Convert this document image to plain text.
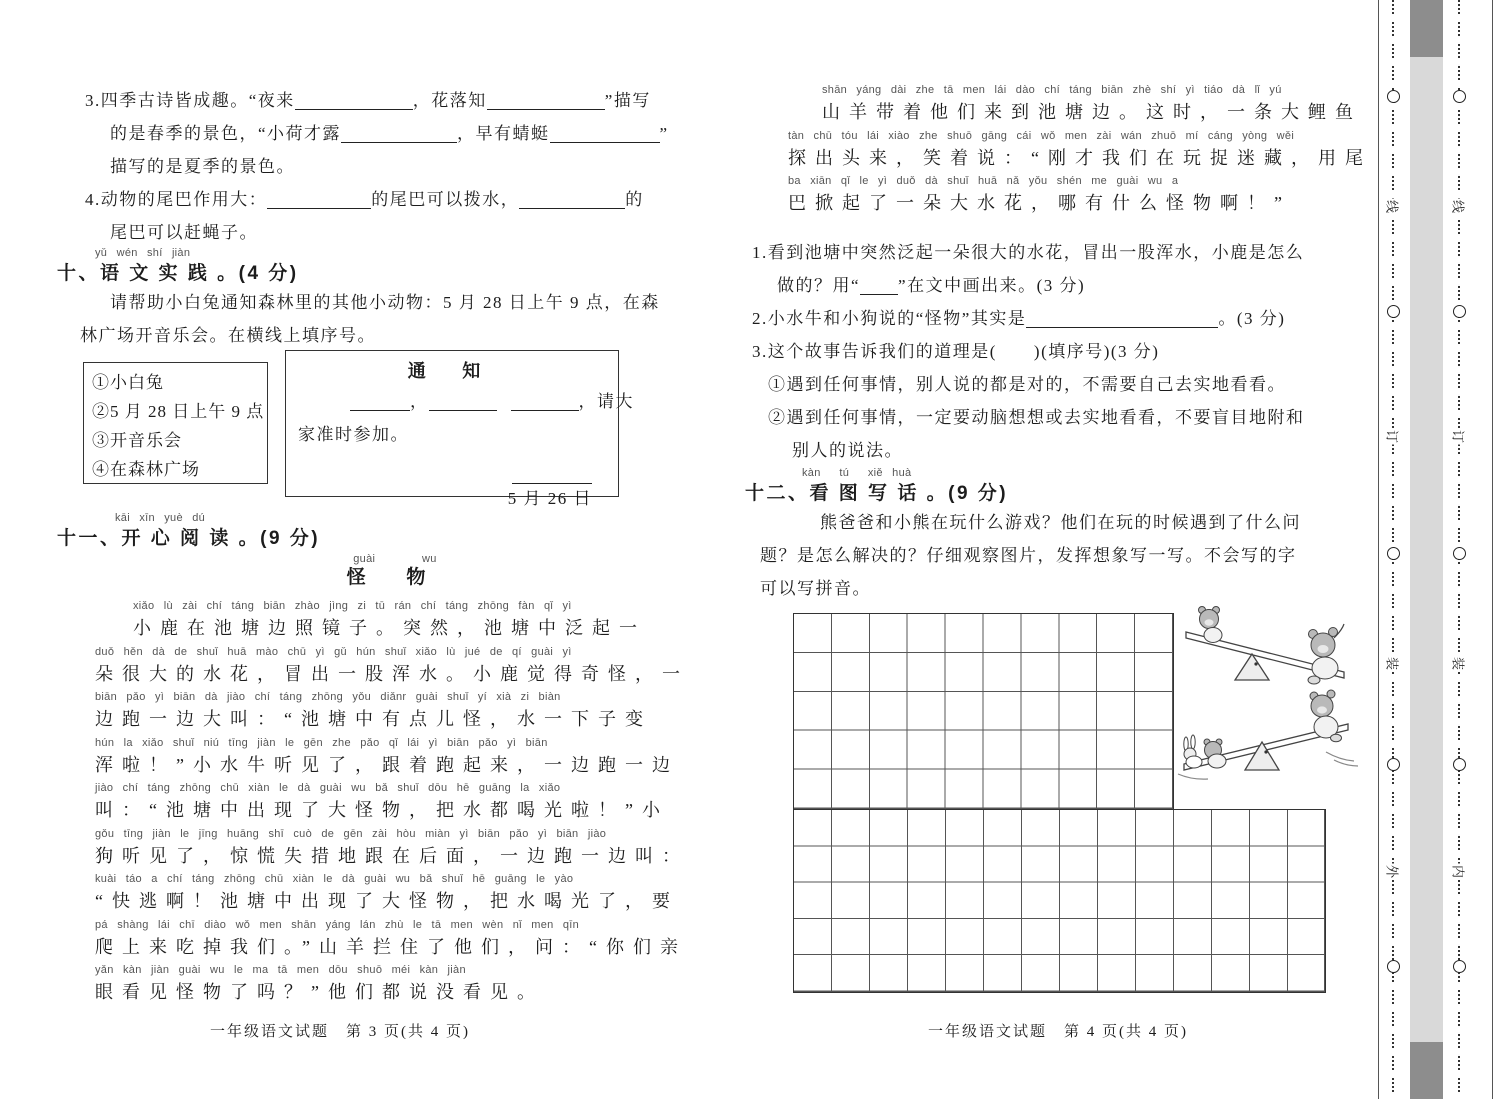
3.四季古诗皆成趣。“夜来	，花落知	”描写
的是春季的景色，“小荷才露	，早有蜻蜓	”
描写的是夏季的景色。
4.动物的尾巴作用大：	的尾巴可以拨水，	的
尾巴可以赶蝇子。
yǔ wén shí jiàn
十、语 文 实 践 。(4 分)
请帮助小白兔通知森林里的其他小动物：5 月 28 日上午 9 点，在森
林广场开音乐会。在横线上填序号。
①小白兔
②5 月 28 日上午 9 点
③开音乐会
④在森林广场
通 知
，	，请大
家准时参加。
5 月 26 日
kāi xīn yuè dú
十一、开 心 阅 读 。(9 分)
guài     wu
怪 物
xiǎo lù zài chí táng biān zhào jìng zi tū rán chí táng zhōng fàn qǐ yì
小鹿在池塘边照镜子。突然，池塘中泛起一
duǒ hěn dà de shuǐ huā mào chū yì gǔ hún shuǐ xiǎo lù jué de qí guài yì
朵很大的水花，冒出一股浑水。小鹿觉得奇怪，一
biān pǎo yì biān dà jiào chí táng zhōng yǒu diǎnr guài shuǐ yí xià zi biàn
边跑一边大叫：“池塘中有点儿怪，水一下子变
hún la xiǎo shuǐ niú tīng jiàn le gēn zhe pǎo qǐ lái yì biān pǎo yì biān
浑啦！”小水牛听见了，跟着跑起来，一边跑一边
jiào chí táng zhōng chū xiàn le dà guài wu bǎ shuǐ dōu hē guāng la xiǎo
叫：“池塘中出现了大怪物，把水都喝光啦！”小
gǒu tīng jiàn le jīng huāng shī cuò de gēn zài hòu miàn yì biān pǎo yì biān jiào
狗听见了，惊慌失措地跟在后面，一边跑一边叫：
kuài táo a chí táng zhōng chū xiàn le dà guài wu bǎ shuǐ hē guāng le yào
“快逃啊！池塘中出现了大怪物，把水喝光了，要
pá shàng lái chī diào wǒ men shān yáng lán zhù le tā men wèn nǐ men qīn
爬上来吃掉我们。”山羊拦住了他们，问：“你们亲
yǎn kàn jiàn guài wu le ma tā men dōu shuō méi kàn jiàn
眼看见怪物了吗？”他们都说没看见。
一年级语文试题　第 3 页(共 4 页)
shān yáng dài zhe tā men lái dào chí táng biān zhè shí yì tiáo dà lǐ yú
山羊带着他们来到池塘边。这时，一条大鲤鱼
tàn chū tóu lái xiào zhe shuō gāng cái wǒ men zài wán zhuō mí cáng yòng wěi
探出头来，笑着说：“刚才我们在玩捉迷藏，用尾
ba xiān qǐ le yì duǒ dà shuǐ huā nǎ yǒu shén me guài wu a
巴掀起了一朵大水花，哪有什么怪物啊！”
1.看到池塘中突然泛起一朵很大的水花，冒出一股浑水，小鹿是怎么
做的？用“ ”在文中画出来。(3 分)
2.小水牛和小狗说的“怪物”其实是	。(3 分)
3.这个故事告诉我们的道理是(　　)(填序号)(3 分)
①遇到任何事情，别人说的都是对的，不需要自己去实地看看。
②遇到任何事情，一定要动脑想想或去实地看看，不要盲目地附和
别人的说法。
kàn  tú  xiě huà
十二、看 图 写 话 。(9 分)
熊爸爸和小熊在玩什么游戏？他们在玩的时候遇到了什么问
题？是怎么解决的？仔细观察图片，发挥想象写一写。不会写的字
可以写拼音。
一年级语文试题　第 4 页(共 4 页)
线
订
装
外
线
订
装
内
